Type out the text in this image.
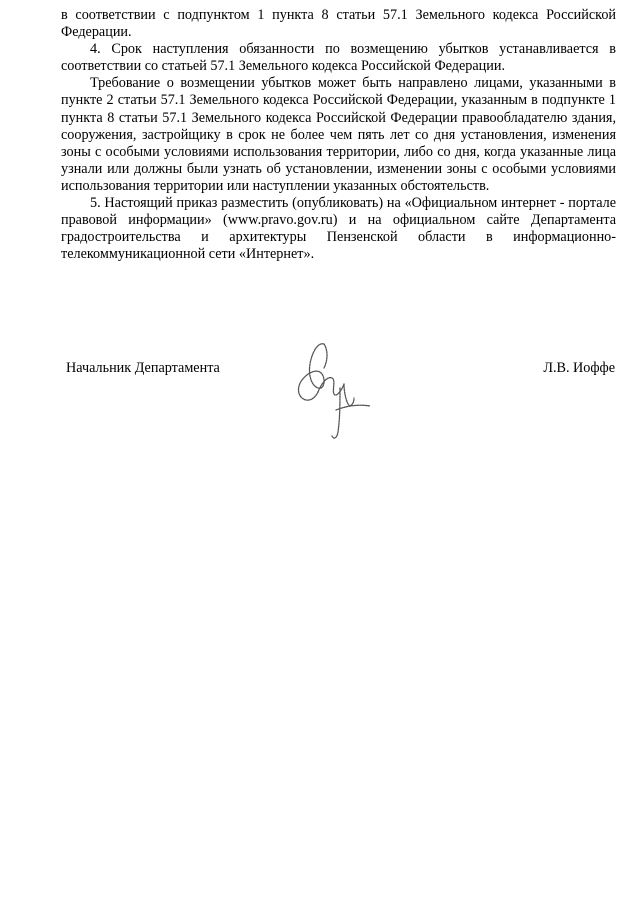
в соответствии с подпунктом 1 пункта 8 статьи 57.1 Земельного кодекса Российской Федерации.

4. Срок наступления обязанности по возмещению убытков устанавливается в соответствии со статьей 57.1 Земельного кодекса Российской Федерации.

Требование о возмещении убытков может быть направлено лицами, указанными в пункте 2 статьи 57.1 Земельного кодекса Российской Федерации, указанным в подпункте 1 пункта 8 статьи 57.1 Земельного кодекса Российской Федерации правообладателю здания, сооружения, застройщику в срок не более чем пять лет со дня установления, изменения зоны с особыми условиями использования территории, либо со дня, когда указанные лица узнали или должны были узнать об установлении, изменении зоны с особыми условиями использования территории или наступлении указанных обстоятельств.

5. Настоящий приказ разместить (опубликовать) на «Официальном интернет - портале правовой информации» (www.pravo.gov.ru) и на официальном сайте Департамента градостроительства и архитектуры Пензенской области в информационно-телекоммуникационной сети «Интернет».

Начальник Департамента	Л.В. Иоффе
